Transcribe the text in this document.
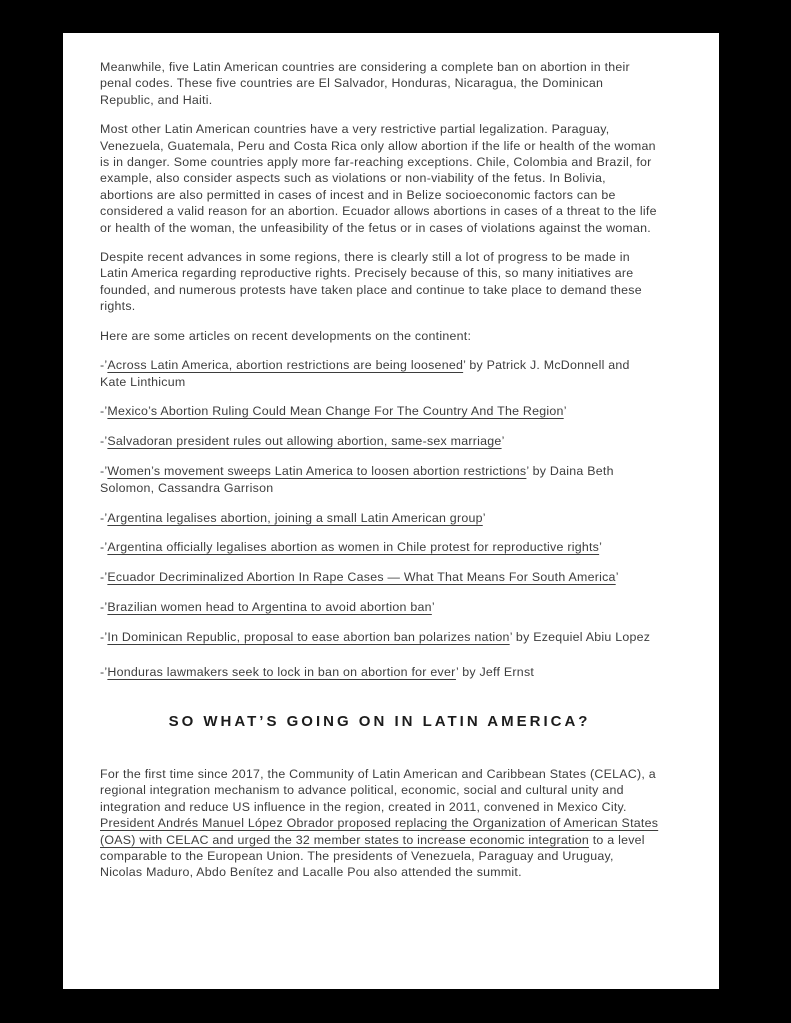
Meanwhile, five Latin American countries are considering a complete ban on abortion in their penal codes. These five countries are El Salvador, Honduras, Nicaragua, the Dominican Republic, and Haiti.

Most other Latin American countries have a very restrictive partial legalization. Paraguay, Venezuela, Guatemala, Peru and Costa Rica only allow abortion if the life or health of the woman is in danger. Some countries apply more far-reaching exceptions. Chile, Colombia and Brazil, for example, also consider aspects such as violations or non-viability of the fetus. In Bolivia, abortions are also permitted in cases of incest and in Belize socioeconomic factors can be considered a valid reason for an abortion. Ecuador allows abortions in cases of a threat to the life or health of the woman, the unfeasibility of the fetus or in cases of violations against the woman.

Despite recent advances in some regions, there is clearly still a lot of progress to be made in Latin America regarding reproductive rights. Precisely because of this, so many initiatives are founded, and numerous protests have taken place and continue to take place to demand these rights.

Here are some articles on recent developments on the continent:

-’Across Latin America, abortion restrictions are being loosened’ by Patrick J. McDonnell and Kate Linthicum

-’Mexico’s Abortion Ruling Could Mean Change For The Country And The Region’

-’Salvadoran president rules out allowing abortion, same-sex marriage’

-’Women’s movement sweeps Latin America to loosen abortion restrictions’ by Daina Beth Solomon, Cassandra Garrison

-’Argentina legalises abortion, joining a small Latin American group’

-’Argentina officially legalises abortion as women in Chile protest for reproductive rights’

-’Ecuador Decriminalized Abortion In Rape Cases — What That Means For South America’

-’Brazilian women head to Argentina to avoid abortion ban’

-’In Dominican Republic, proposal to ease abortion ban polarizes nation’ by Ezequiel Abiu Lopez

-’Honduras lawmakers seek to lock in ban on abortion for ever’ by Jeff Ernst

SO WHAT’S GOING ON IN LATIN AMERICA?

For the first time since 2017, the Community of Latin American and Caribbean States (CELAC), a regional integration mechanism to advance political, economic, social and cultural unity and integration and reduce US influence in the region, created in 2011, convened in Mexico City. President Andrés Manuel López Obrador proposed replacing the Organization of American States (OAS) with CELAC and urged the 32 member states to increase economic integration to a level comparable to the European Union. The presidents of Venezuela, Paraguay and Uruguay, Nicolas Maduro, Abdo Benítez and Lacalle Pou also attended the summit.
